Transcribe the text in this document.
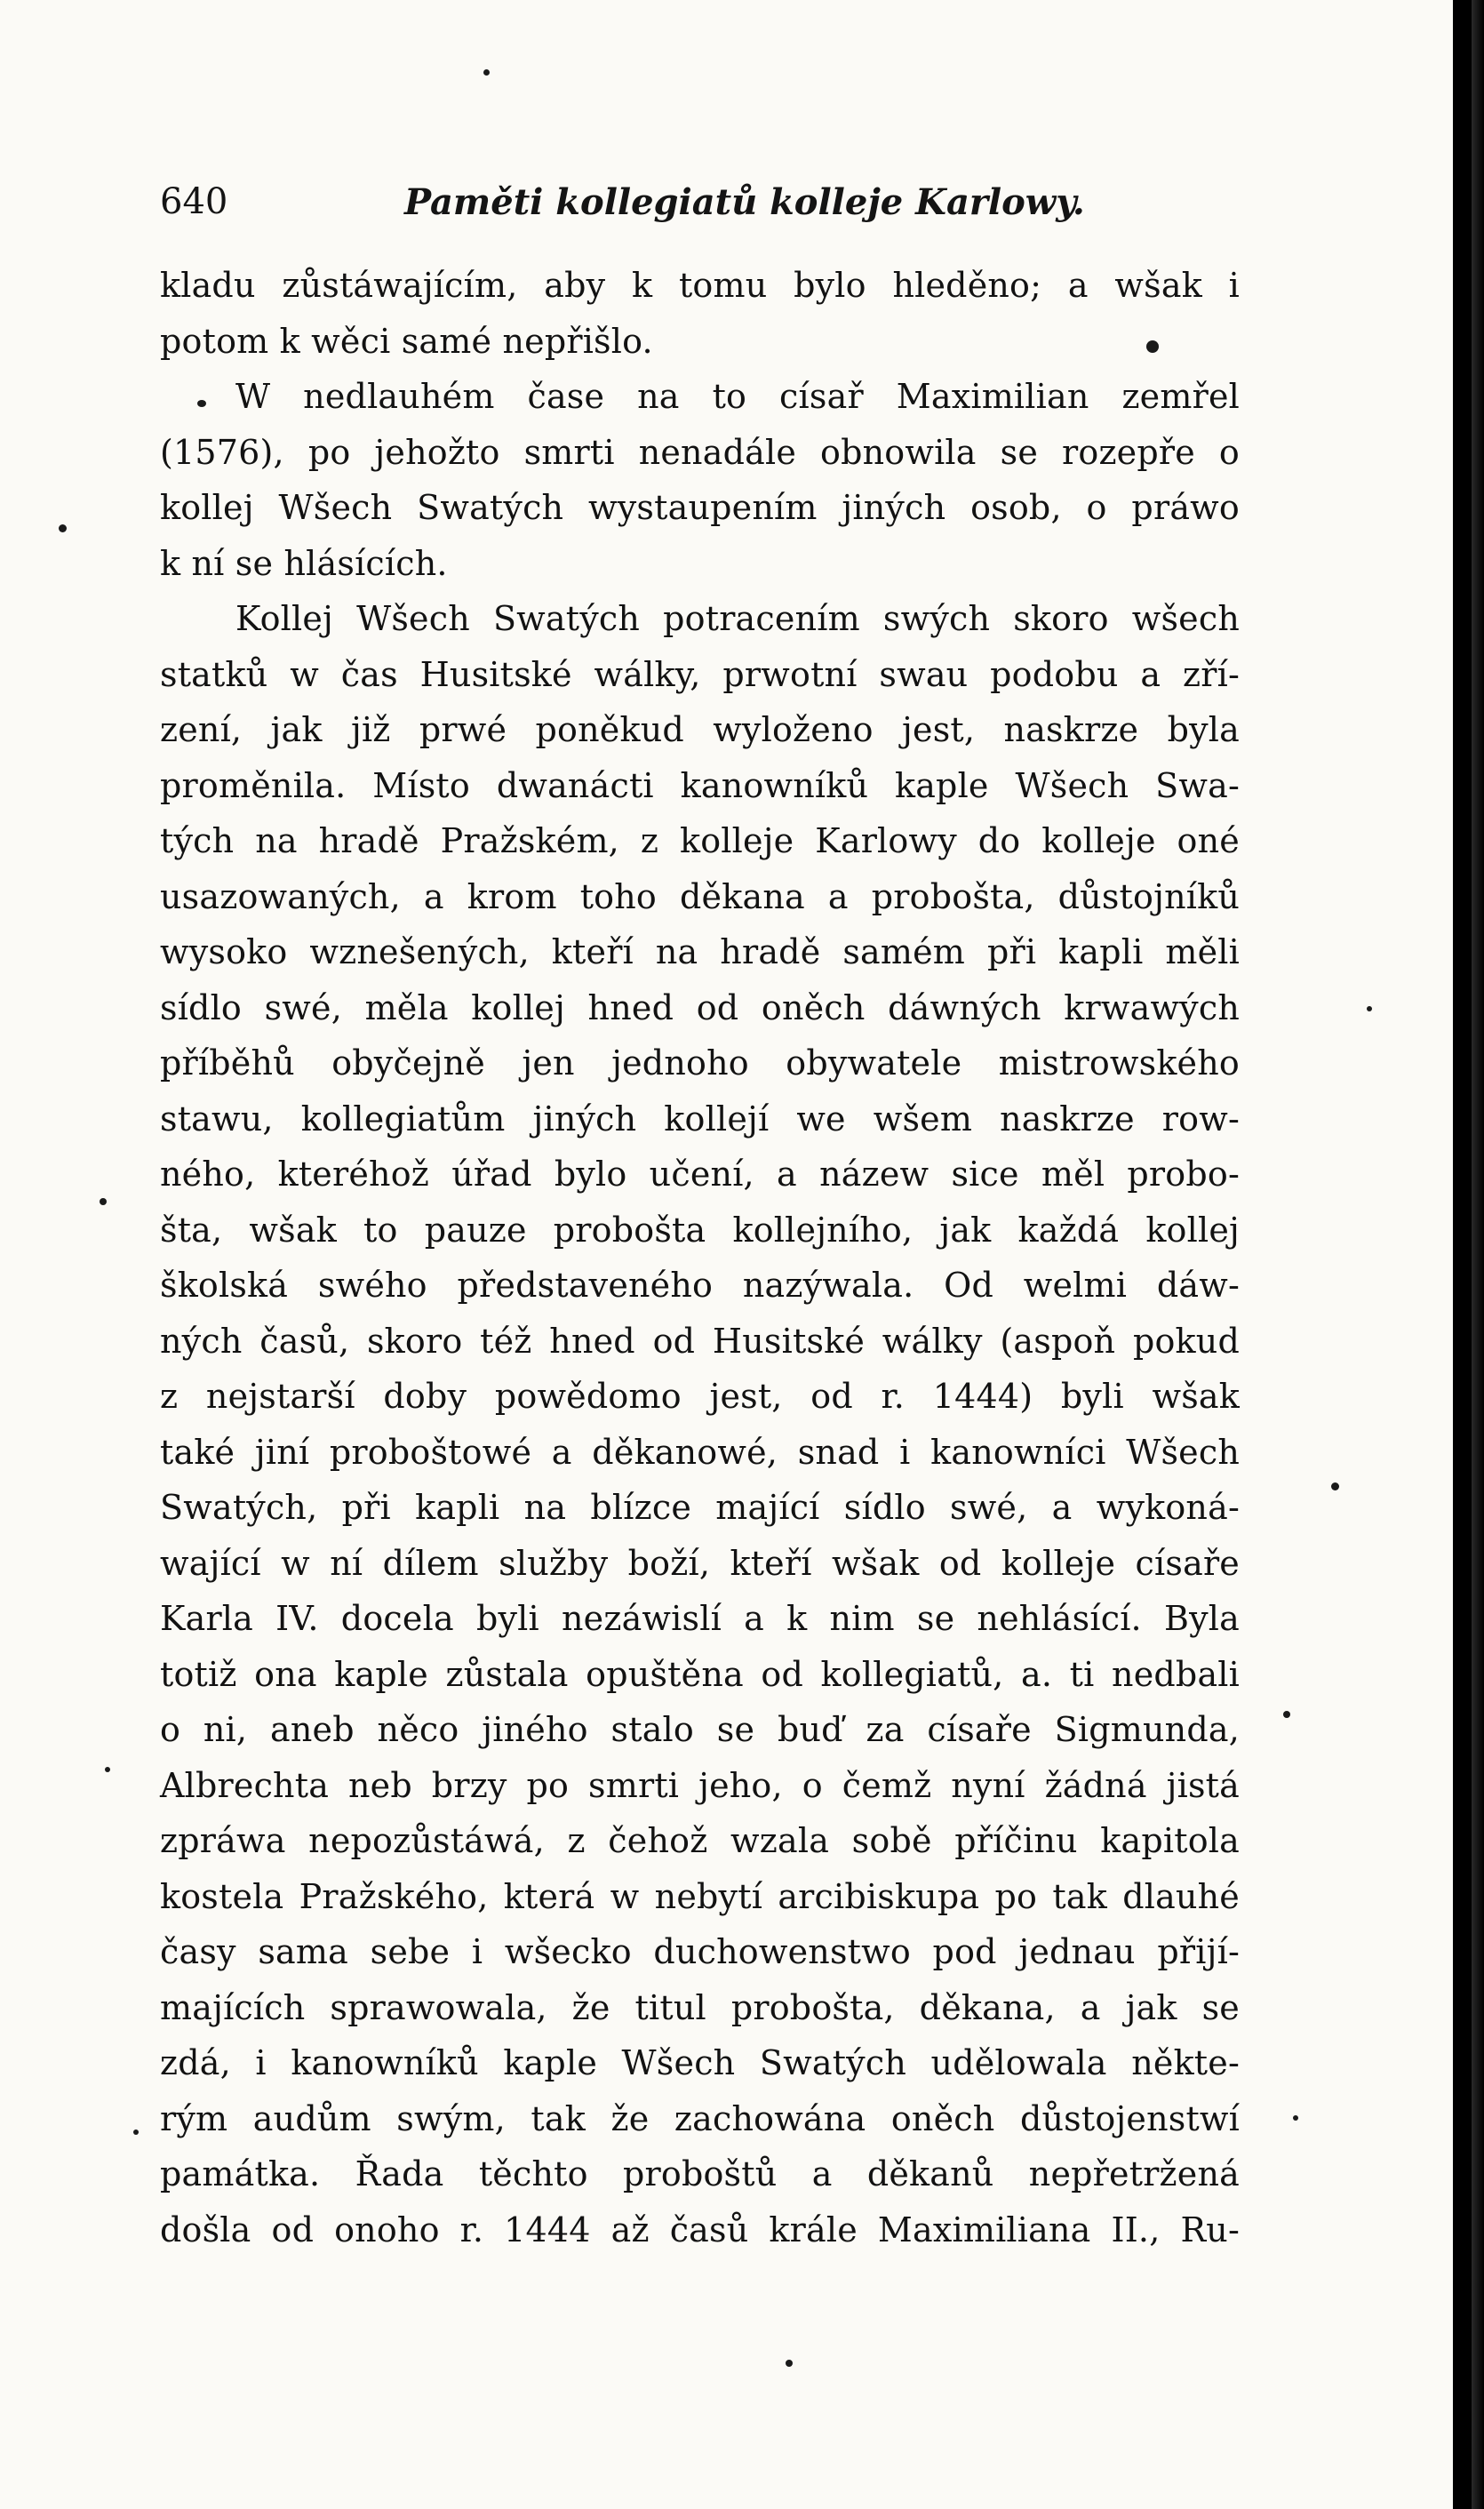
640	Paměti kollegiatů kolleje Karlowy.
kladu zůstáwajícím, aby k tomu bylo hleděno; a wšak i
potom k wěci samé nepřišlo.
W nedlauhém čase na to císař Maximilian zemřel
(1576), po jehožto smrti nenadále obnowila se rozepře o
kollej Wšech Swatých wystaupením jiných osob, o práwo
k ní se hlásících.
Kollej Wšech Swatých potracením swých skoro wšech
statků w čas Husitské wálky, prwotní swau podobu a zří-
zení, jak již prwé poněkud wyloženo jest, naskrze byla
proměnila. Místo dwanácti kanowníků kaple Wšech Swa-
tých na hradě Pražském, z kolleje Karlowy do kolleje oné
usazowaných, a krom toho děkana a probošta, důstojníků
wysoko wznešených, kteří na hradě samém při kapli měli
sídlo swé, měla kollej hned od oněch dáwných krwawých
příběhů obyčejně jen jednoho obywatele mistrowského
stawu, kollegiatům jiných kollejí we wšem naskrze row-
ného, kteréhož úřad bylo učení, a názew sice měl probo-
šta, wšak to pauze probošta kollejního, jak každá kollej
školská swého představeného nazýwala. Od welmi dáw-
ných časů, skoro též hned od Husitské wálky (aspoň pokud
z nejstarší doby powědomo jest, od r. 1444) byli wšak
také jiní proboštowé a děkanowé, snad i kanowníci Wšech
Swatých, při kapli na blízce mající sídlo swé, a wykoná-
wající w ní dílem služby boží, kteří wšak od kolleje císaře
Karla IV. docela byli nezáwislí a k nim se nehlásící. Byla
totiž ona kaple zůstala opuštěna od kollegiatů, a. ti nedbali
o ni, aneb něco jiného stalo se buď za císaře Sigmunda,
Albrechta neb brzy po smrti jeho, o čemž nyní žádná jistá
zpráwa nepozůstáwá, z čehož wzala sobě příčinu kapitola
kostela Pražského, která w nebytí arcibiskupa po tak dlauhé
časy sama sebe i wšecko duchowenstwo pod jednau přijí-
majících sprawowala, že titul probošta, děkana, a jak se
zdá, i kanowníků kaple Wšech Swatých udělowala někte-
rým audům swým, tak že zachowána oněch důstojenstwí
památka. Řada těchto proboštů a děkanů nepřetržená
došla od onoho r. 1444 až časů krále Maximiliana II., Ru-
